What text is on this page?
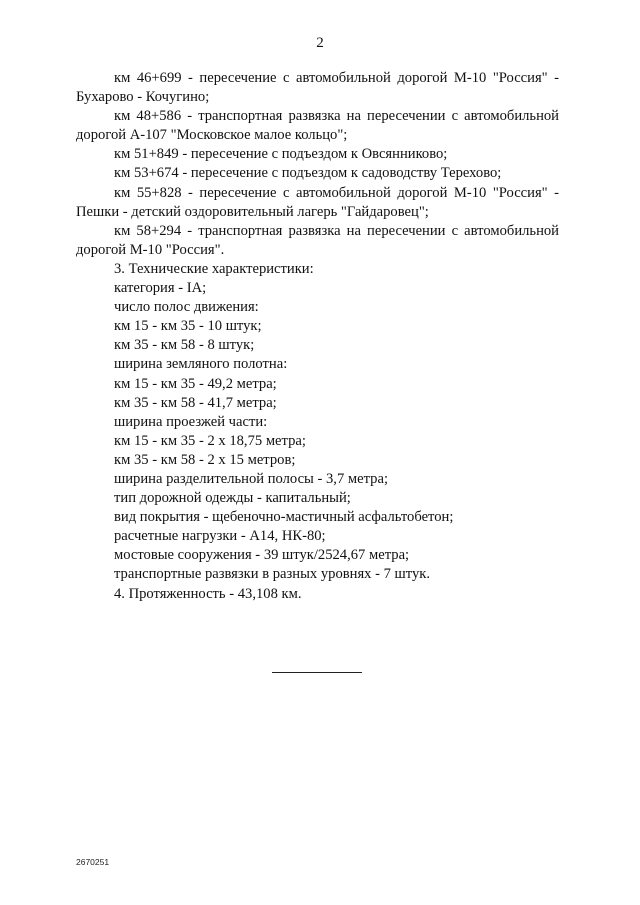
2

км 46+699 - пересечение с автомобильной дорогой М-10 "Россия" - Бухарово - Кочугино;

км 48+586 - транспортная развязка на пересечении с автомобильной дорогой А-107 "Московское малое кольцо";

км 51+849 - пересечение с подъездом к Овсянниково;

км 53+674 - пересечение с подъездом к садоводству Терехово;

км 55+828 - пересечение с автомобильной дорогой М-10 "Россия" - Пешки - детский оздоровительный лагерь "Гайдаровец";

км 58+294 - транспортная развязка на пересечении с автомобильной дорогой М-10 "Россия".

3. Технические характеристики:

категория - IА;

число полос движения:

км 15 - км 35 - 10 штук;

км 35 - км 58 - 8 штук;

ширина земляного полотна:

км 15 - км 35 - 49,2 метра;

км 35 - км 58 - 41,7 метра;

ширина проезжей части:

км 15 - км 35 - 2 х 18,75 метра;

км 35 - км 58 - 2 х 15 метров;

ширина разделительной полосы - 3,7 метра;

тип дорожной одежды - капитальный;

вид покрытия - щебеночно-мастичный асфальтобетон;

расчетные нагрузки - А14, НК-80;

мостовые сооружения - 39 штук/2524,67 метра;

транспортные развязки в разных уровнях - 7 штук.

4. Протяженность - 43,108 км.

2670251
